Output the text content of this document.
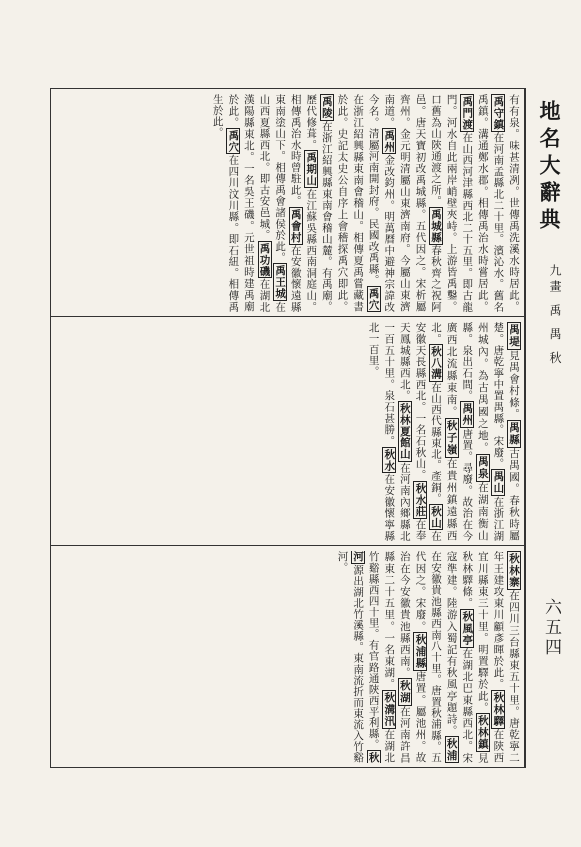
地名大辭典
九畫 禹 禺 秋
六五四
有有泉。味甚清冽。世傳禹洗溪水時居此。禹守鎮在河南孟縣北二十里。濱沁水。舊名禹鎮。溝通鄭水郡。相傳禹治水時嘗居此。禹門渡在山西河津縣西北二十五里。即古龍門。河水自此兩岸峭壁夾峙。上游皆禹鑿。口舊為山陝通渡之所。禹城縣春秋齊之祝阿邑。唐天寶初改禹城縣。五代因之。宋析屬齊州。金元明清屬山東濟南府。今屬山東濟南道。禹州金改鈞州。明萬曆中避神宗諱改今名。清屬河南開封府。民國改禹縣。禹穴在浙江紹興縣東南會稽山。相傳夏禹嘗藏書於此。史記太史公自序上會稽探禹穴即此。禹陵在浙江紹興縣東南會稽山麓。有禹廟。歷代修葺。禹期山在江蘇吳縣西南洞庭山。相傳禹治水時曾駐此。禹會村在安徽懷遠縣東南塗山下。相傳禹會諸侯於此。禹王城在山西夏縣西北。即古安邑城。禹功磯在湖北漢陽縣東北。一名吳王磯。元世祖時建禹廟於此。禹穴在四川汶川縣。即石紐。相傳禹生於此。
禺堤見禺會村條。禺縣古禺國。春秋時屬楚。唐乾寧中置禺縣。宋廢。禺山在浙江湖州城內。為古禺國之地。禺泉在湖南衡山縣。泉出石間。禺州唐置。尋廢。故治在今廣西北流縣東南。秋子嶺在貴州鎮遠縣西北。秋八溝在山西代縣東北。產銅。秋山在安徽天長縣西北。一名石秋山。秋水莊在奉天鳳城縣西北。秋林夏館山在河南內鄉縣北一百五十里。泉石甚勝。秋水在安徽懷寧縣北一百里。
秋林寨在四川三台縣東五十里。唐乾寧二年王建攻東川顧彥暉於此。秋林驛在陝西宜川縣東三十里。明置驛於此。秋林鎮見秋林驛條。秋風亭在湖北巴東縣西北。宋寇準建。陸游入蜀記有秋風亭題詩。秋浦在安徽貴池縣西南八十里。唐置秋浦縣。五代因之。宋廢。秋浦縣唐置。屬池州。故治在今安徽貴池縣西南。秋湖在河南許昌縣東二十五里。一名東湖。秋溝汛在湖北竹谿縣西四十里。有官路通陝西平利縣。秋河源出湖北竹溪縣。東南流折而東流入竹谿河。
